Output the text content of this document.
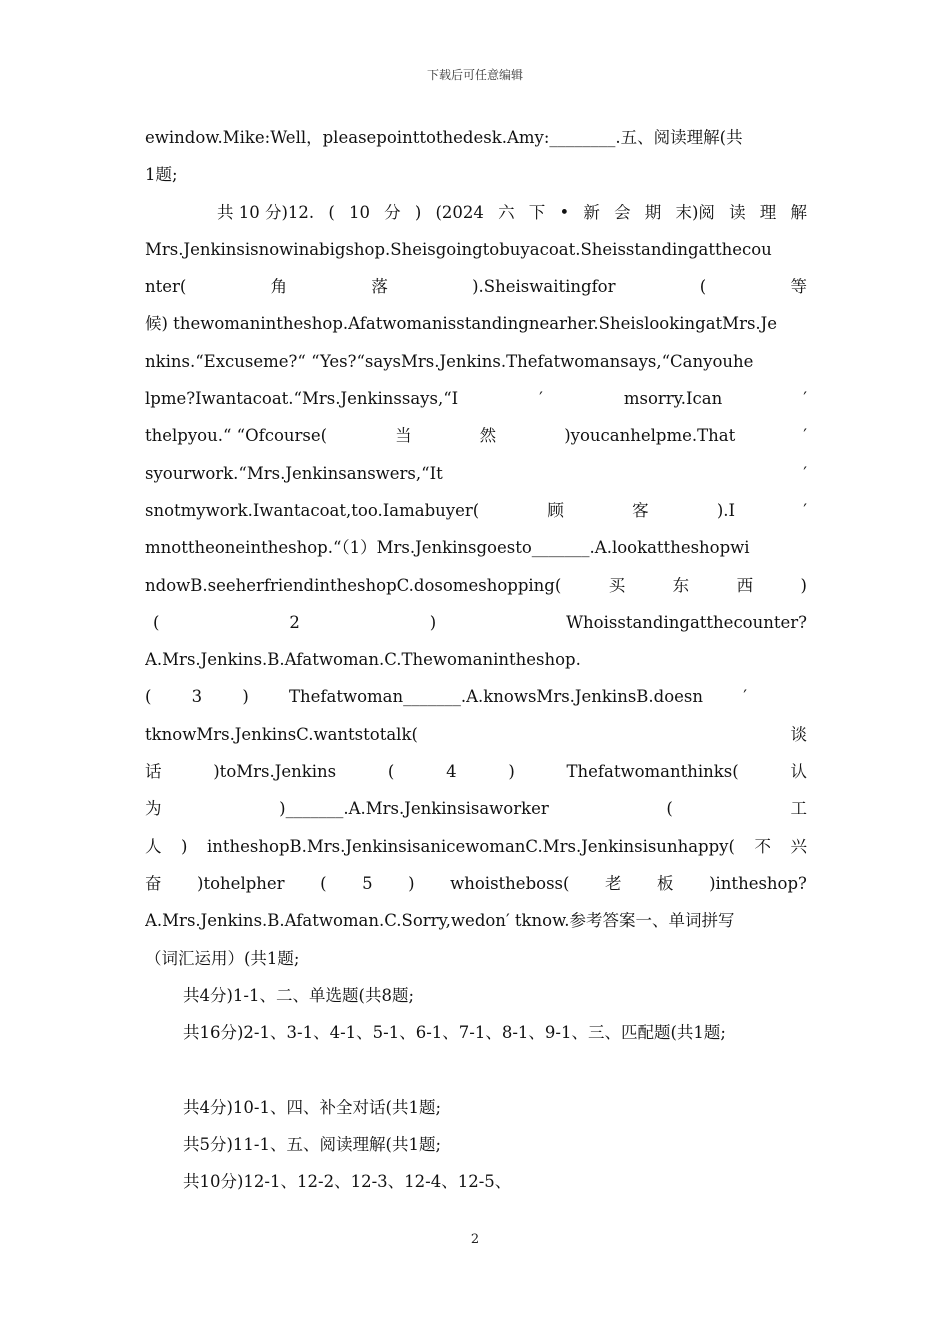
下载后可任意编辑
ewindow.Mike:Well，pleasepointtothedesk.Amy:________.五、阅读理解(共
1题;
共 10 分)12. ( 10 分 ) (2024 六 下 • 新 会 期 末)阅 读 理 解
Mrs.Jenkinsisnowinabigshop.Sheisgoingtobuyacoat.Sheisstandingatthecou
nter(	角	落	).Sheiswaitingfor	(	等
候) thewomanintheshop.Afatwomanisstandingnearher.SheislookingatMrs.Je
nkins.“Excuseme?“ “Yes?“saysMrs.Jenkins.Thefatwomansays,“Canyouhe
lpme?Iwantacoat.“Mrs.Jenkinssays,“I	′	msorry.Ican	′
thelpyou.“ “Ofcourse(	当	然	)youcanhelpme.That	′
syourwork.“Mrs.Jenkinsanswers,“It	′
snotmywork.Iwantacoat,too.Iamabuyer(	顾	客	).I	′
mnottheoneintheshop.“（1）Mrs.Jenkinsgoesto_______.A.lookattheshopwi
ndowB.seeherfriendintheshopC.dosomeshopping(	买	东	西	)
(	2	)	Whoisstandingatthecounter?
A.Mrs.Jenkins.B.Afatwoman.C.Thewomanintheshop.
( 3 ) Thefatwoman_______.A.knowsMrs.JenkinsB.doesn ′
tknowMrs.JenkinsC.wantstotalk(	谈
话	)toMrs.Jenkins	(	4	)	Thefatwomanthinks(	认
为	)_______.A.Mrs.Jenkinsisaworker	(	工
人 ) intheshopB.Mrs.JenkinsisanicewomanC.Mrs.Jenkinsisunhappy( 不 兴
奋 )tohelpher ( 5 ) whoistheboss( 老 板 )intheshop?
A.Mrs.Jenkins.B.Afatwoman.C.Sorry,wedon′ tknow.参考答案一、单词拼写
（词汇运用）(共1题;
共4分)1-1、二、单选题(共8题;
共16分)2-1、3-1、4-1、5-1、6-1、7-1、8-1、9-1、三、匹配题(共1题;
共4分)10-1、四、补全对话(共1题;
共5分)11-1、五、阅读理解(共1题;
共10分)12-1、12-2、12-3、12-4、12-5、
2
